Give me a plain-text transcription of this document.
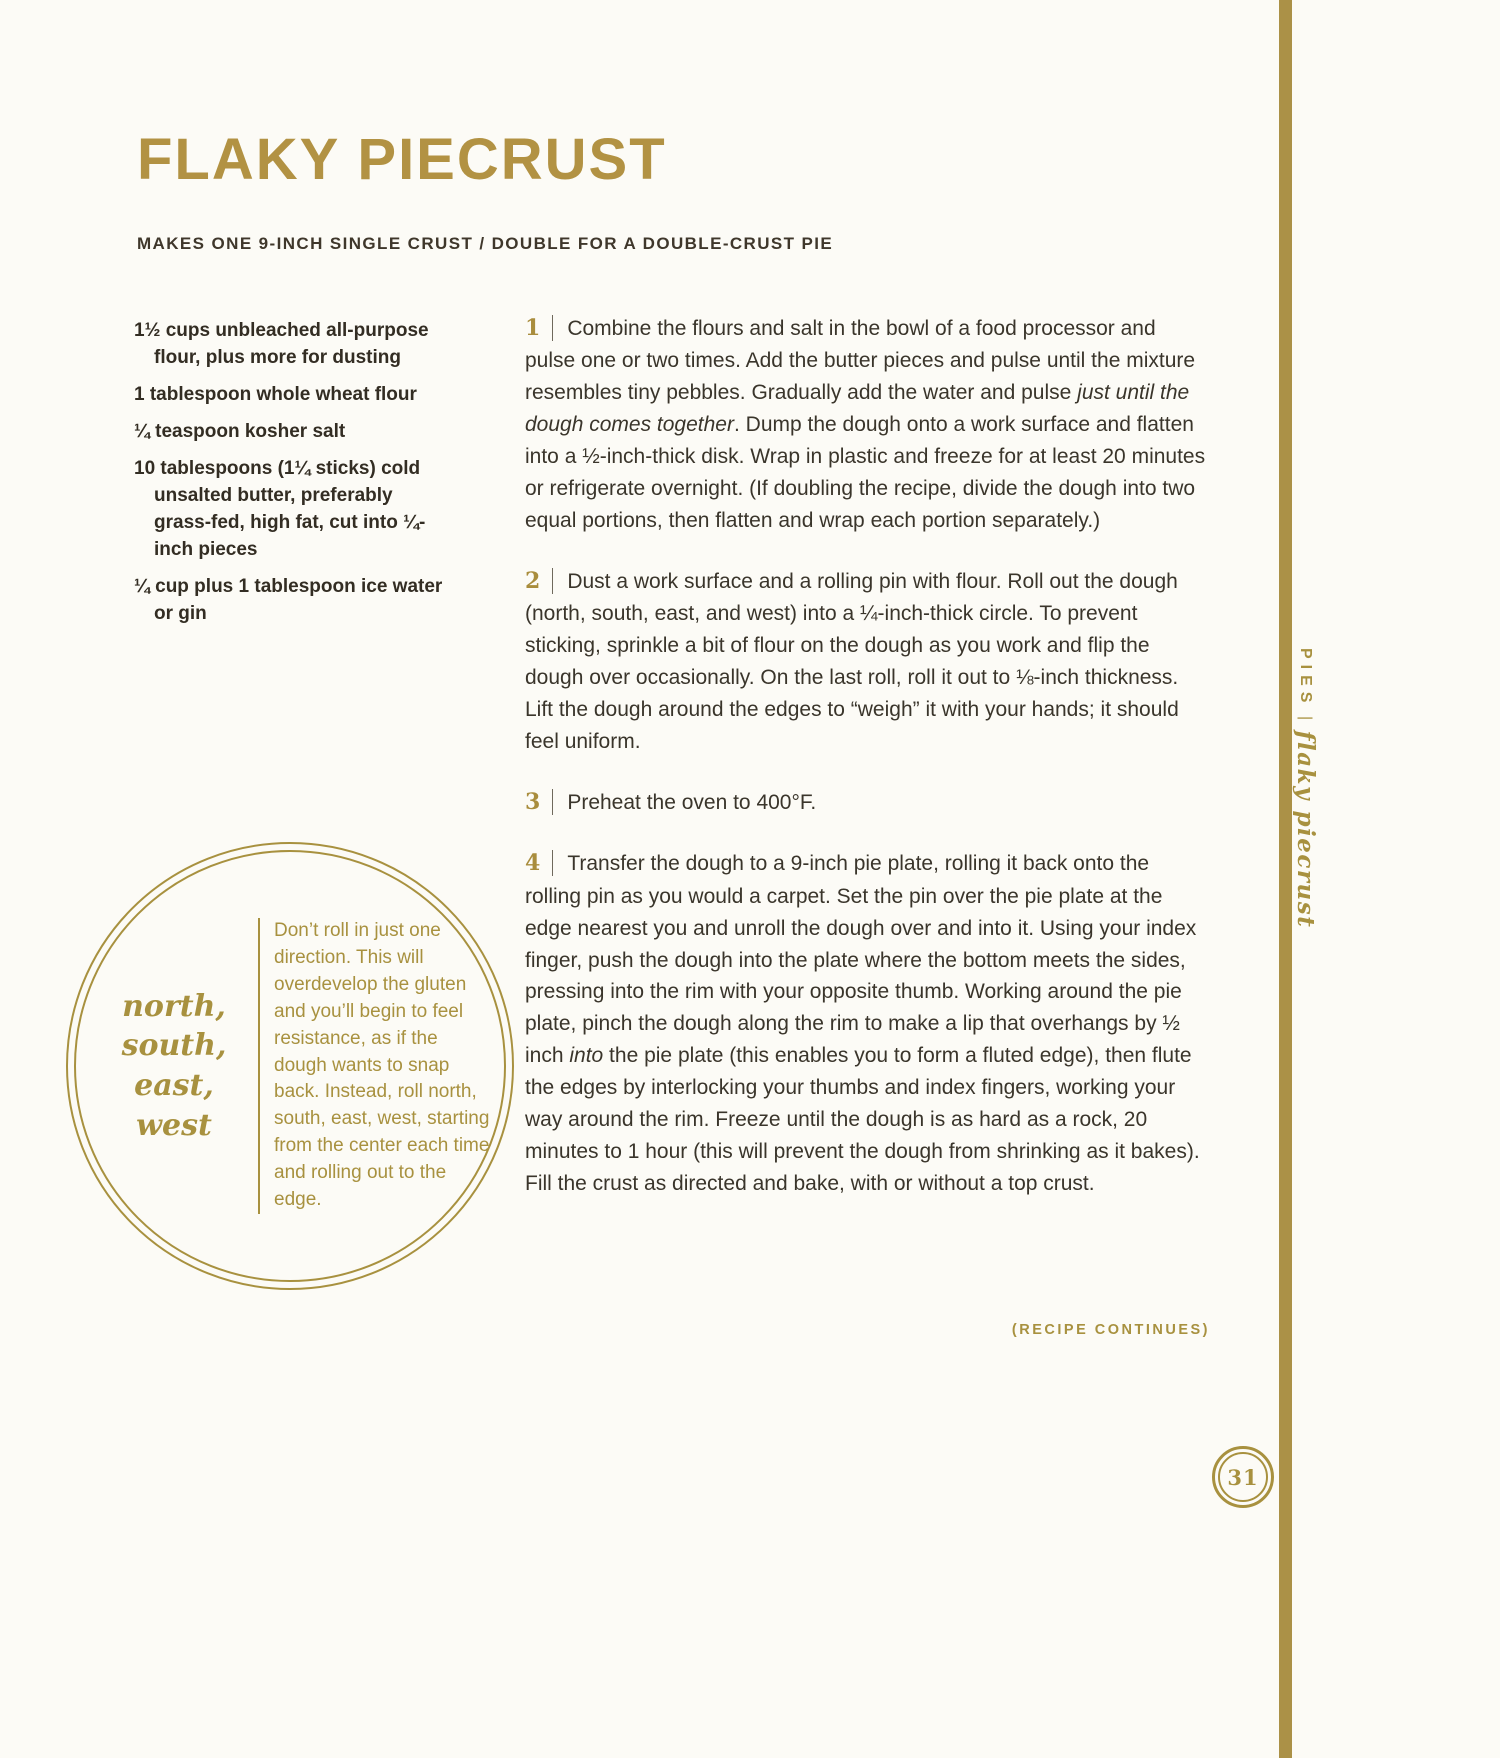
FLAKY PIECRUST
MAKES ONE 9-INCH SINGLE CRUST / DOUBLE FOR A DOUBLE-CRUST PIE

1½ cups unbleached all-purpose flour, plus more for dusting

1 tablespoon whole wheat flour

¼ teaspoon kosher salt

10 tablespoons (1¼ sticks) cold unsalted butter, preferably grass-fed, high fat, cut into ¼-inch pieces

¼ cup plus 1 tablespoon ice water or gin

1 Combine the flours and salt in the bowl of a food processor and pulse one or two times. Add the butter pieces and pulse until the mixture resembles tiny pebbles. Gradually add the water and pulse just until the dough comes together. Dump the dough onto a work surface and flatten into a ½-inch-thick disk. Wrap in plastic and freeze for at least 20 minutes or refrigerate overnight. (If doubling the recipe, divide the dough into two equal portions, then flatten and wrap each portion separately.)

2 Dust a work surface and a rolling pin with flour. Roll out the dough (north, south, east, and west) into a ¼-inch-thick circle. To prevent sticking, sprinkle a bit of flour on the dough as you work and flip the dough over occasionally. On the last roll, roll it out to ⅛-inch thickness. Lift the dough around the edges to “weigh” it with your hands; it should feel uniform.

3 Preheat the oven to 400°F.

4 Transfer the dough to a 9-inch pie plate, rolling it back onto the rolling pin as you would a carpet. Set the pin over the pie plate at the edge nearest you and unroll the dough over and into it. Using your index finger, push the dough into the plate where the bottom meets the sides, pressing into the rim with your opposite thumb. Working around the pie plate, pinch the dough along the rim to make a lip that overhangs by ½ inch into the pie plate (this enables you to form a fluted edge), then flute the edges by interlocking your thumbs and index fingers, working your way around the rim. Freeze until the dough is as hard as a rock, 20 minutes to 1 hour (this will prevent the dough from shrinking as it bakes). Fill the crust as directed and bake, with or without a top crust.

north,
south,
east,
west
Don’t roll in just one direction. This will overdevelop the gluten and you’ll begin to feel resistance, as if the dough wants to snap back. Instead, roll north, south, east, west, starting from the center each time and rolling out to the edge.
(RECIPE CONTINUES)
PIES|flaky piecrust
31
